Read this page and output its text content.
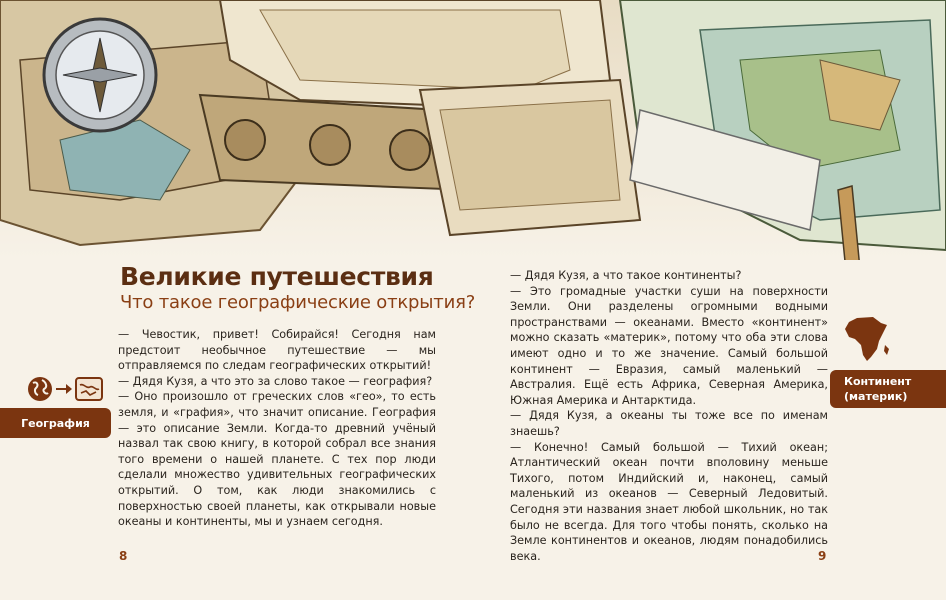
Великие путешествия
Что такое географические открытия?

— Чевостик, привет! Собирайся! Сегодня нам предстоит необычное путешествие — мы отправляемся по следам географических открытий!

— Дядя Кузя, а что это за слово такое — география?

— Оно произошло от греческих слов «гео», то есть земля, и «графия», что значит описание. География — это описание Земли. Когда-то древний учёный назвал так свою книгу, в которой собрал все знания того времени о нашей планете. С тех пор люди сделали множество удивительных географических открытий. О том, как люди знакомились с поверхностью своей планеты, как открывали новые океаны и континенты, мы и узнаем сегодня.

— Дядя Кузя, а что такое континенты?

— Это громадные участки суши на поверхности Земли. Они разделены огромными водными пространствами — океанами. Вместо «континент» можно сказать «материк», потому что оба эти слова имеют одно и то же значение. Самый большой континент — Евразия, самый маленький — Австралия. Ещё есть Африка, Северная Америка, Южная Америка и Антарктида.

— Дядя Кузя, а океаны ты тоже все по именам знаешь?

— Конечно! Самый большой — Тихий океан; Атлантический океан почти вполовину меньше Тихого, потом Индийский и, наконец, самый маленький из океанов — Северный Ледовитый. Сегодня эти названия знает любой школьник, но так было не всегда. Для того чтобы понять, сколько на Земле континентов и океанов, людям понадобились века.

География
Континент
(материк)
8	9
